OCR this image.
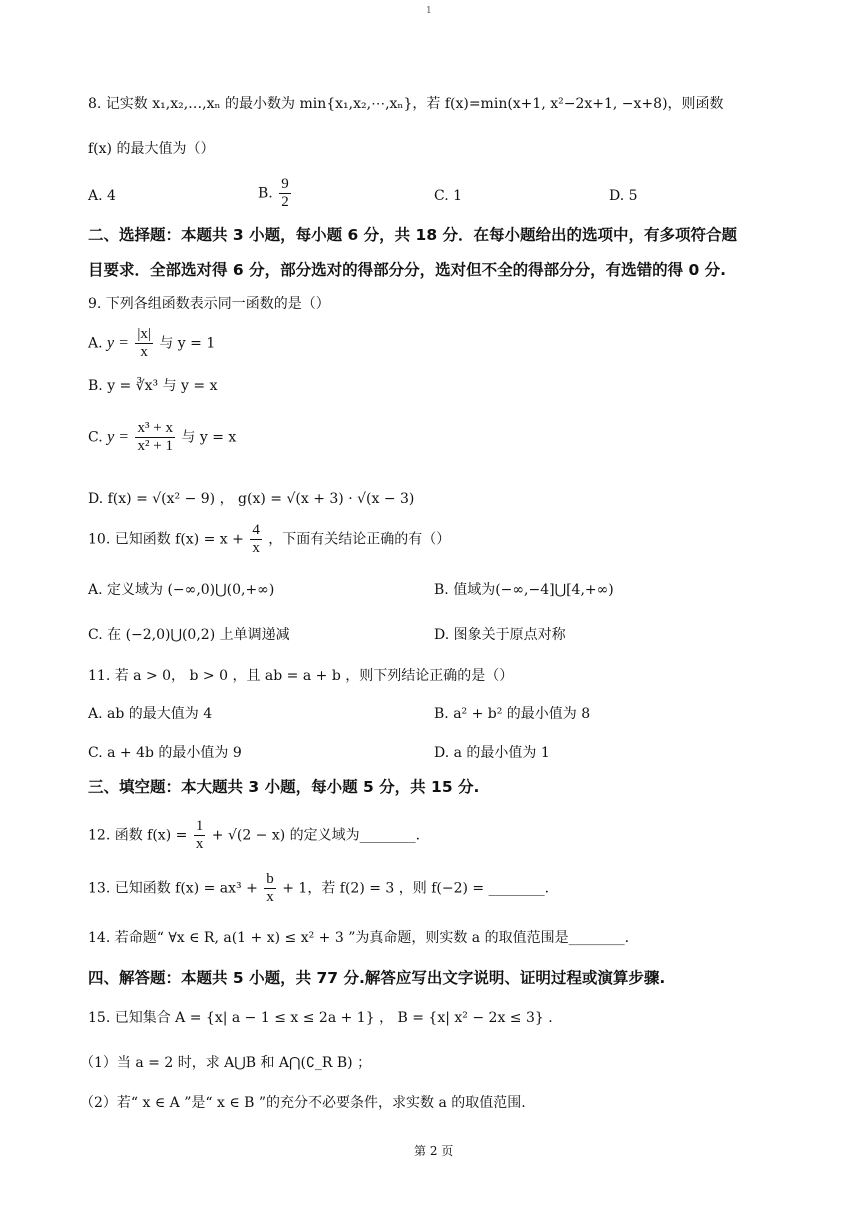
1
8. 记实数 x₁,x₂,…,xₙ 的最小数为 min{x₁,x₂,⋯,xₙ}，若 f(x)=min(x+1, x²−2x+1, −x+8)，则函数
f(x) 的最大值为（）
A. 4	B. $\frac{9}{2}$	C. 1	D. 5
二、选择题：本题共 3 小题，每小题 6 分，共 18 分．在每小题给出的选项中，有多项符合题
目要求．全部选对得 6 分，部分选对的得部分分，选对但不全的得部分分，有选错的得 0 分.
9. 下列各组函数表示同一函数的是（）
A. $y = \frac{|x|}{x}$ 与 y = 1
B. y = ∛x³ 与 y = x
C. $y = \frac{\text{x³ + x}}{\text{x² + 1}}$ 与 y = x
D. f(x) = √(x² − 9) ， g(x) = √(x + 3) · √(x − 3)
10. 已知函数 $f(x) = x + \frac{4}{x}$ ，下面有关结论正确的有（）
A. 定义域为 (−∞,0)⋃(0,+∞)	B. 值域为(−∞,−4]⋃[4,+∞)
C. 在 (−2,0)⋃(0,2) 上单调递减	D. 图象关于原点对称
11. 若 a > 0， b > 0 ，且 ab = a + b ，则下列结论正确的是（）
A. ab 的最大值为 4	B. a² + b² 的最小值为 8
C. a + 4b 的最小值为 9	D. a 的最小值为 1
三、填空题：本大题共 3 小题，每小题 5 分，共 15 分.
12. 函数 $f(x) = \frac{1}{x} + √(2 - x)$ 的定义域为________.
13. 已知函数 $f(x) = ax^3 + \frac{b}{x} + 1$，若 f(2) = 3 ，则 f(−2) = ________.
14. 若命题“ ∀x ∈ R, a(1 + x) ≤ x² + 3 ”为真命题，则实数 a 的取值范围是________.
四、解答题：本题共 5 小题，共 77 分.解答应写出文字说明、证明过程或演算步骤.
15. 已知集合 A = {x| a − 1 ≤ x ≤ 2a + 1} ， B = {x| x² − 2x ≤ 3} .
（1）当 a = 2 时，求 A⋃B 和 A⋂(∁_R B) ；
（2）若“ x ∈ A ”是“ x ∈ B ”的充分不必要条件，求实数 a 的取值范围.
第 2 页
